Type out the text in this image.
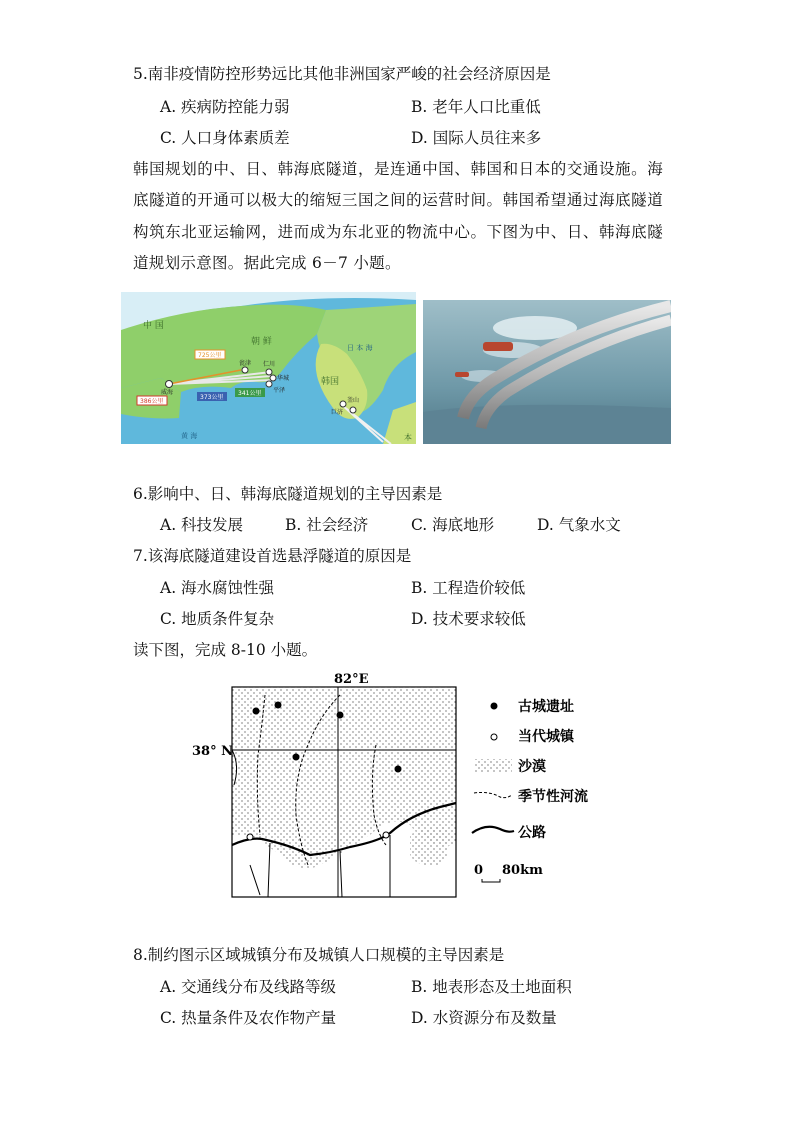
5.南非疫情防控形势远比其他非洲国家严峻的社会经济原因是
A. 疾病防控能力弱	B. 老年人口比重低
C. 人口身体素质差	D. 国际人员往来多
韩国规划的中、日、韩海底隧道，是连通中国、韩国和日本的交通设施。海底隧道的开通可以极大的缩短三国之间的运营时间。韩国希望通过海底隧道构筑东北亚运输网，进而成为东北亚的物流中心。下图为中、日、韩海底隧道规划示意图。据此完成 6－7 小题。
中 国
朝 鲜
韩国
日 本 海
黄 海	本
725公里
386公里
373公里
341公里
威海
瓮津 仁川
华城
平泽
釜山
巨济
6.影响中、日、韩海底隧道规划的主导因素是
A. 科技发展	B. 社会经济	C. 海底地形	D. 气象水文
7.该海底隧道建设首选悬浮隧道的原因是
A. 海水腐蚀性强	B. 工程造价较低
C. 地质条件复杂	D. 技术要求较低
读下图，完成 8-10 小题。
82°E
38° N
古城遗址
当代城镇
沙漠
季节性河流
公路
0 80km
8.制约图示区域城镇分布及城镇人口规模的主导因素是
A. 交通线分布及线路等级	B. 地表形态及土地面积
C. 热量条件及农作物产量	D. 水资源分布及数量
